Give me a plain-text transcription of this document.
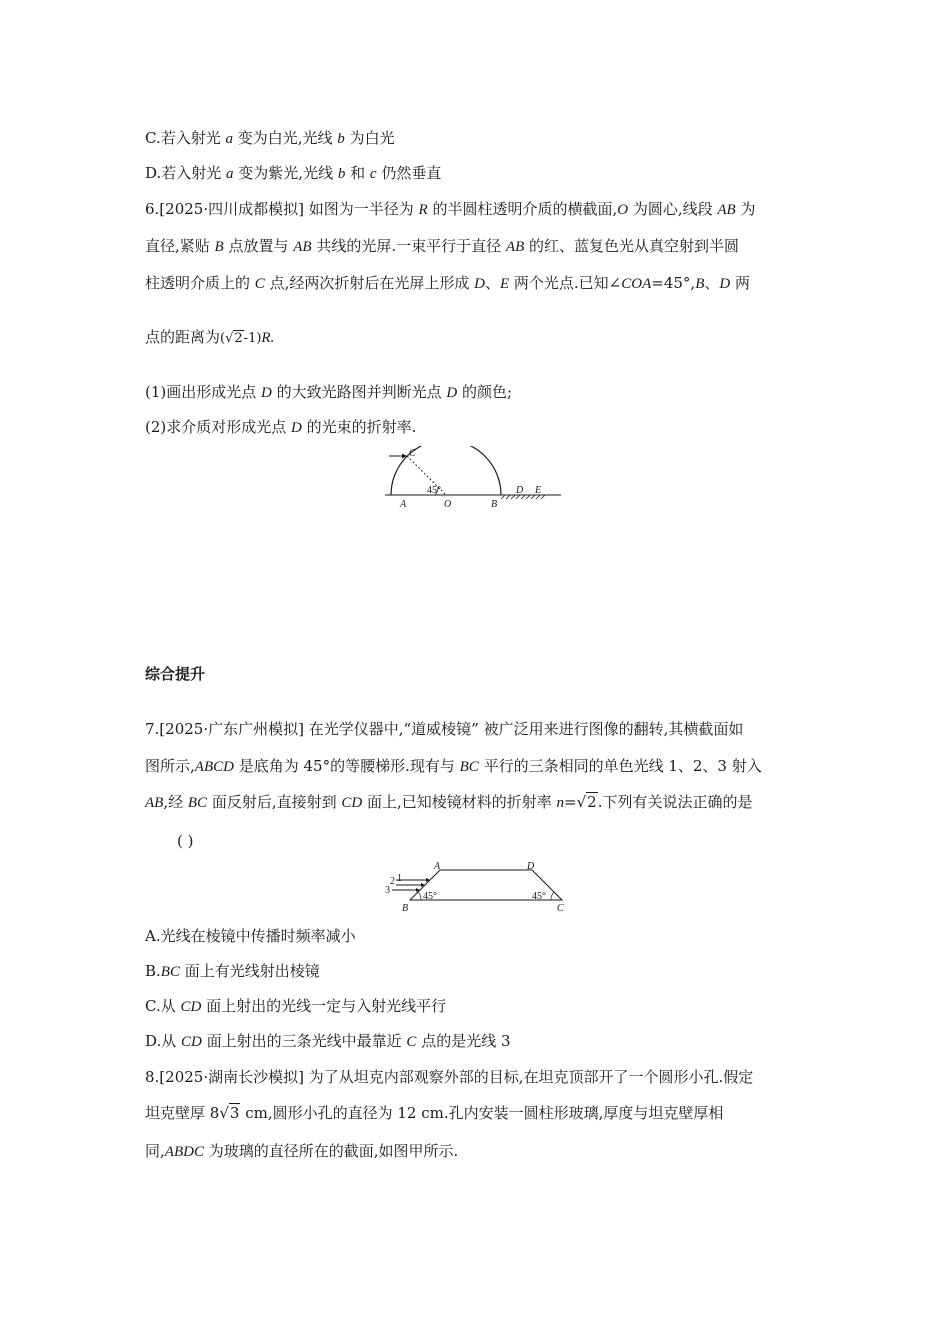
C.若入射光 a 变为白光,光线 b 为白光
D.若入射光 a 变为紫光,光线 b 和 c 仍然垂直
6.[2025·四川成都模拟] 如图为一半径为 R 的半圆柱透明介质的横截面,O 为圆心,线段 AB 为
直径,紧贴 B 点放置与 AB 共线的光屏.一束平行于直径 AB 的红、蓝复色光从真空射到半圆
柱透明介质上的 C 点,经两次折射后在光屏上形成 D、E 两个光点.已知∠COA=45°,B、D 两
点的距离为(√2-1)R.
(1)画出形成光点 D 的大致光路图并判断光点 D 的颜色;
(2)求介质对形成光点 D 的光束的折射率.
C
45°
A	O	B
D E
综合提升
7.[2025·广东广州模拟] 在光学仪器中,“道威棱镜” 被广泛用来进行图像的翻转,其横截面如
图所示,ABCD 是底角为 45°的等腰梯形.现有与 BC 平行的三条相同的单色光线 1、2、3 射入
AB,经 BC 面反射后,直接射到 CD 面上,已知棱镜材料的折射率 n=√2.下列有关说法正确的是
( )
2 1
3
A	D
B	C
45°	45°
A.光线在棱镜中传播时频率减小
B.BC 面上有光线射出棱镜
C.从 CD 面上射出的光线一定与入射光线平行
D.从 CD 面上射出的三条光线中最靠近 C 点的是光线 3
8.[2025·湖南长沙模拟] 为了从坦克内部观察外部的目标,在坦克顶部开了一个圆形小孔.假定
坦克壁厚 8√3 cm,圆形小孔的直径为 12 cm.孔内安装一圆柱形玻璃,厚度与坦克壁厚相
同,ABDC 为玻璃的直径所在的截面,如图甲所示.
